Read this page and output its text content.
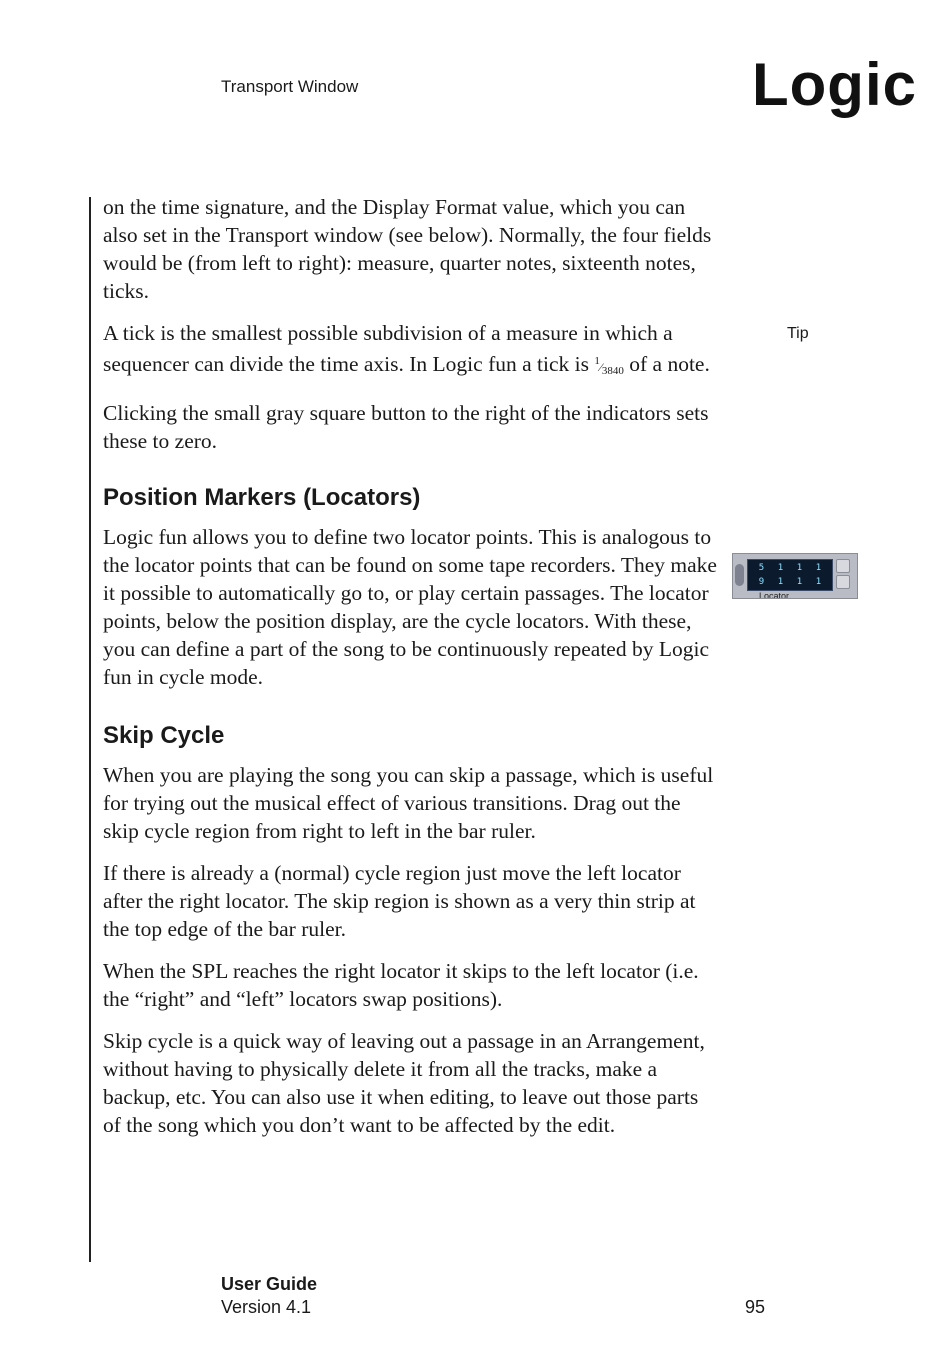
Transport Window	Logic

on the time signature, and the Display Format value, which you can also set in the Transport window (see below). Normally, the four fields would be (from left to right): measure, quarter notes, sixteenth notes, ticks.

A tick is the smallest possible subdivision of a measure in which a sequencer can divide the time axis. In Logic fun a tick is $^1⁄_{3840}$ of a note.

Clicking the small gray square button to the right of the indicators sets these to zero.

Position Markers (Locators)

Logic fun allows you to define two locator points. This is analogous to the locator points that can be found on some tape recorders. They make it possible to automatically go to, or play certain passages. The locator points, below the position display, are the cycle locators. With these, you can define a part of the song to be continuously repeated by Logic fun in cycle mode.

Skip Cycle

When you are playing the song you can skip a passage, which is useful for trying out the musical effect of various transitions. Drag out the skip cycle region from right to left in the bar ruler.

If there is already a (normal) cycle region just move the left locator after the right locator. The skip region is shown as a very thin strip at the top edge of the bar ruler.

When the SPL reaches the right locator it skips to the left locator (i.e. the “right” and “left” locators swap positions).

Skip cycle is a quick way of leaving out a passage in an Arrangement, without having to physically delete it from all the tracks, make a backup, etc. You can also use it when editing, to leave out those parts of the song which you don’t want to be affected by the edit.

Tip
5 1 1 1
9 1 1 1
Locator
User Guide
Version 4.1	95
